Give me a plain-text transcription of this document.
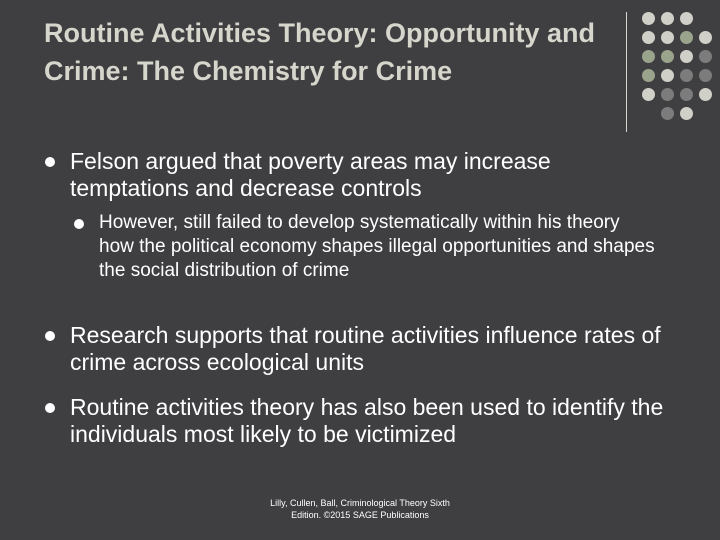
Routine Activities Theory: Opportunity and Crime: The Chemistry for Crime

Felson argued that poverty areas may increase temptations and decrease controls

However, still failed to develop systematically within his theory how the political economy shapes illegal opportunities and shapes the social distribution of crime

Research supports that routine activities influence rates of crime across ecological units

Routine activities theory has also been used to identify the individuals most likely to be victimized

Lilly, Cullen, Ball, Criminological Theory Sixth
Edition. ©2015 SAGE Publications
